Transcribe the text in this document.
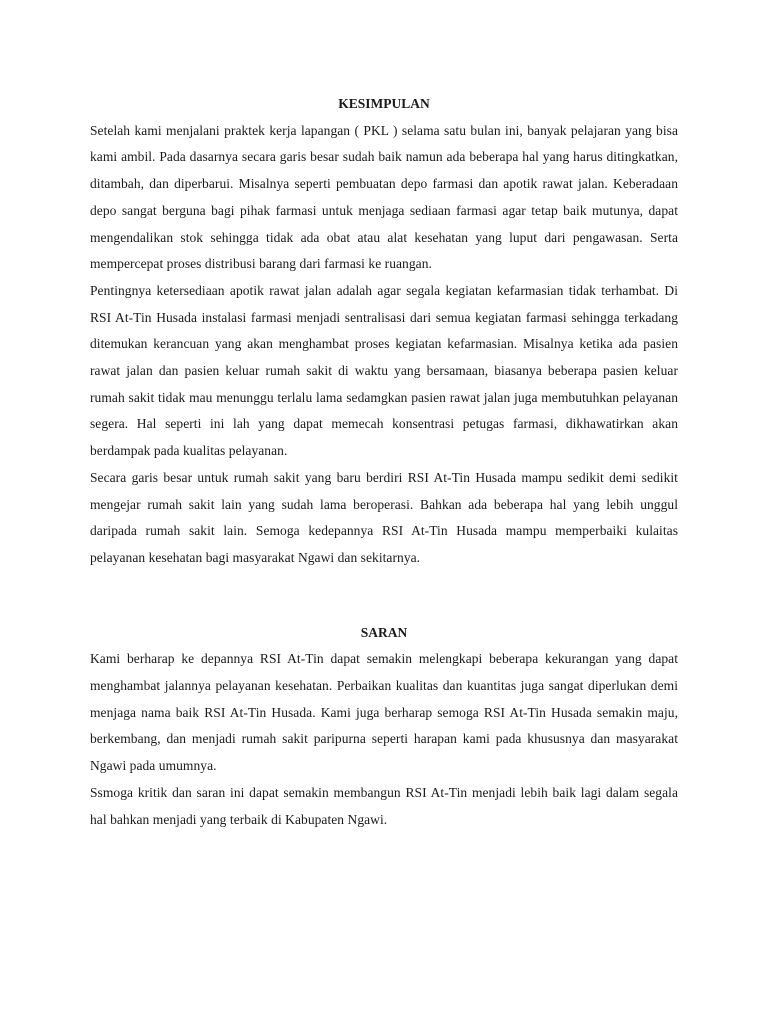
KESIMPULAN

Setelah kami menjalani praktek kerja lapangan ( PKL ) selama satu bulan ini, banyak pelajaran yang bisa kami ambil. Pada dasarnya secara garis besar sudah baik namun ada beberapa hal yang harus ditingkatkan, ditambah, dan diperbarui. Misalnya seperti pembuatan depo farmasi dan apotik rawat jalan. Keberadaan depo sangat berguna bagi pihak farmasi untuk menjaga sediaan farmasi agar tetap baik mutunya, dapat mengendalikan stok sehingga tidak ada obat atau alat kesehatan yang luput dari pengawasan. Serta mempercepat proses distribusi barang dari farmasi ke ruangan.

Pentingnya ketersediaan apotik rawat jalan adalah agar segala kegiatan kefarmasian tidak terhambat. Di RSI At-Tin Husada instalasi farmasi menjadi sentralisasi dari semua kegiatan farmasi sehingga terkadang ditemukan kerancuan yang akan menghambat proses kegiatan kefarmasian. Misalnya ketika ada pasien rawat jalan dan pasien keluar rumah sakit di waktu yang bersamaan, biasanya beberapa pasien keluar rumah sakit tidak mau menunggu terlalu lama sedamgkan pasien rawat jalan juga membutuhkan pelayanan segera. Hal seperti ini lah yang dapat memecah konsentrasi petugas farmasi, dikhawatirkan akan berdampak pada kualitas pelayanan.

Secara garis besar untuk rumah sakit yang baru berdiri RSI At-Tin Husada mampu sedikit demi sedikit mengejar rumah sakit lain yang sudah lama beroperasi. Bahkan ada beberapa hal yang lebih unggul daripada rumah sakit lain. Semoga kedepannya RSI At-Tin Husada mampu memperbaiki kulaitas pelayanan kesehatan bagi masyarakat Ngawi dan sekitarnya.

SARAN

Kami berharap ke depannya RSI At-Tin dapat semakin melengkapi beberapa kekurangan yang dapat menghambat jalannya pelayanan kesehatan. Perbaikan kualitas dan kuantitas juga sangat diperlukan demi menjaga nama baik RSI At-Tin Husada. Kami juga berharap semoga RSI At-Tin Husada semakin maju, berkembang, dan menjadi rumah sakit paripurna seperti harapan kami pada khususnya dan masyarakat Ngawi pada umumnya.

Ssmoga kritik dan saran ini dapat semakin membangun RSI At-Tin menjadi lebih baik lagi dalam segala hal bahkan menjadi yang terbaik di Kabupaten Ngawi.
